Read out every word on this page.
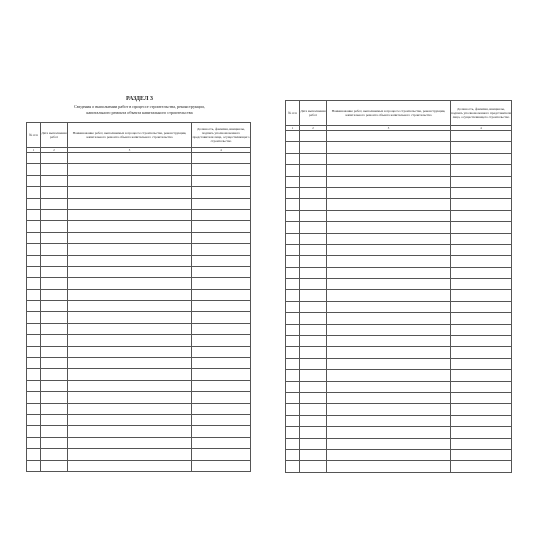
РАЗДЕЛ 3
Сведения о выполнении работ в процессе строительства, реконструкции,
капитального ремонта объекта капитального строительства
№ п/п	Дата выполнения работ	Наименование работ, выполняемых в процессе строительства, реконструкции, капитального ремонта объекта капитального строительства	Должность, фамилия, инициалы, подпись уполномоченного представителя лица, осуществляющего строительство
1	2	3	4

№ п/п	Дата выполнения работ	Наименование работ, выполняемых в процессе строительства, реконструкции, капитального ремонта объекта капитального строительства	Должность, фамилия, инициалы, подпись уполномоченного представителя лица, осуществляющего строительство
1	2	3	4
